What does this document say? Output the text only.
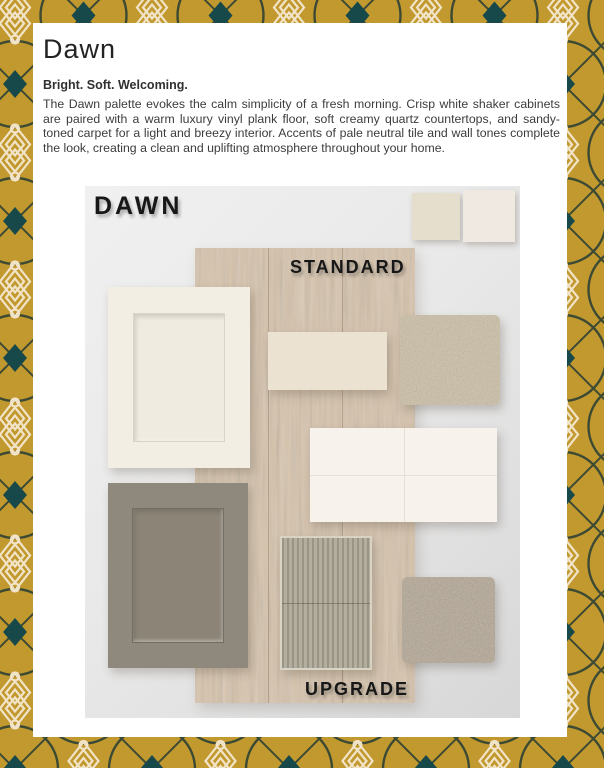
Dawn
Bright. Soft. Welcoming.
The Dawn palette evokes the calm simplicity of a fresh morning. Crisp white shaker cabinets are paired with a warm luxury vinyl plank floor, soft creamy quartz countertops, and sandy-toned carpet for a light and breezy interior. Accents of pale neutral tile and wall tones complete the look, creating a clean and uplifting atmosphere throughout your home.
DAWN
STANDARD
UPGRADE
